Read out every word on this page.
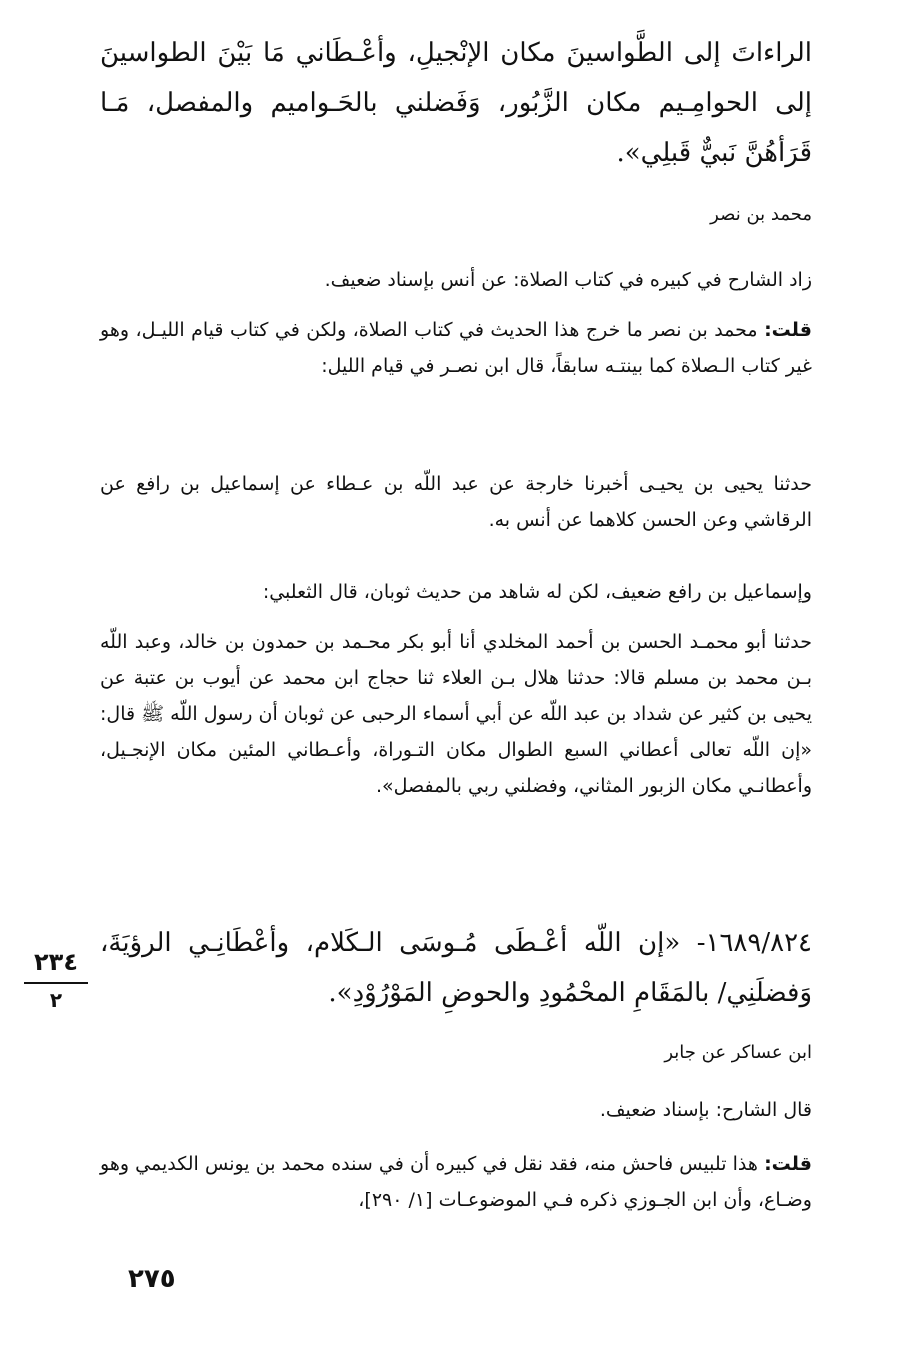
الراءاتَ إلى الطَّواسينَ مكان الإنْجيلِ، وأعْـطَاني مَا بَيْنَ الطواسينَ إلى الحوامِـيم مكان الزَّبُور، وَفَضلني بالحَـواميم والمفصل، مَـا قَرَأهُنَّ نَبيٌّ قَبلِي».
محمد بن نصر
زاد الشارح في كبيره في كتاب الصلاة: عن أنس بإسناد ضعيف.
قلت: محمد بن نصر ما خرج هذا الحديث في كتاب الصلاة، ولكن في كتاب قيام الليـل، وهو غير كتاب الـصلاة كما بينتـه سابقاً، قال ابن نصـر في قيام الليل:
حدثنا يحيى بن يحيـى أخبرنا خارجة عن عبد اللّه بن عـطاء عن إسماعيل بن رافع عن الرقاشي وعن الحسن كلاهما عن أنس به.
وإسماعيل بن رافع ضعيف، لكن له شاهد من حديث ثوبان، قال الثعلبي:
حدثنا أبو محمـد الحسن بن أحمد المخلدي أنا أبو بكر محـمد بن حمدون بن خالد، وعبد اللّه بـن محمد بن مسلم قالا: حدثنا هلال بـن العلاء ثنا حجاج ابن محمد عن أيوب بن عتبة عن يحيى بن كثير عن شداد بن عبد اللّه عن أبي أسماء الرحبى عن ثوبان أن رسول اللّه ﷺ قال: «إن اللّه تعالى أعطاني السبع الطوال مكان التـوراة، وأعـطاني المئين مكان الإنجـيل، وأعطانـي مكان الزبور المثاني، وفضلني ربي بالمفصل».
١٦٨٩/٨٢٤- «إن اللّه أعْـطَى مُـوسَى الـكَلام، وأعْطَانِـي الرؤيَةَ، وَفضلَنِي/ بالمَقَامِ المحْمُودِ والحوضِ المَوْرُوْدِ».
٢٣٤
٢
ابن عساكر عن جابر
قال الشارح: بإسناد ضعيف.
قلت: هذا تلبيس فاحش منه، فقد نقل في كبيره أن في سنده محمد بن يونس الكديمي وهو وضـاع، وأن ابن الجـوزي ذكره فـي الموضوعـات [١/ ٢٩٠]،
٢٧٥
